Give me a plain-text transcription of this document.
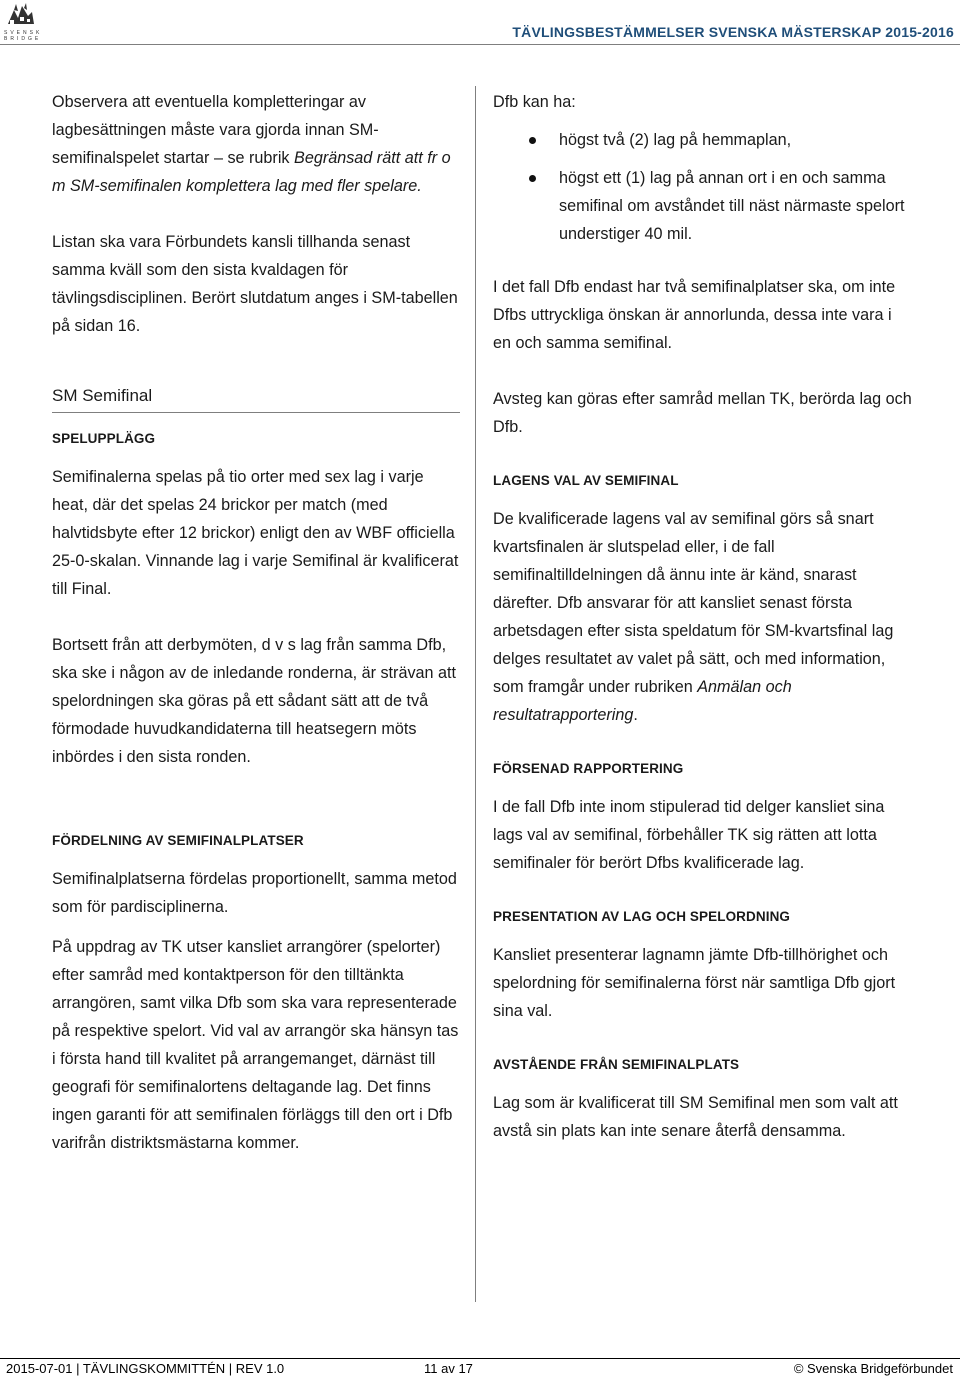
SVENSK
BRIDGE	TÄVLINGSBESTÄMMELSER SVENSKA MÄSTERSKAP 2015-2016

Observera att eventuella kompletteringar av lagbesättningen måste vara gjorda innan SM-semifinalspelet startar – se rubrik Begränsad rätt att fr o m SM-semifinalen komplettera lag med fler spelare.

Listan ska vara Förbundets kansli tillhanda senast samma kväll som den sista kvaldagen för tävlingsdisciplinen. Berört slutdatum anges i SM-tabellen på sidan 16.

SM Semifinal
SPELUPPLÄGG

Semifinalerna spelas på tio orter med sex lag i varje heat, där det spelas 24 brickor per match (med halvtidsbyte efter 12 brickor) enligt den av WBF officiella 25-0-skalan. Vinnande lag i varje Semifinal är kvalificerat till Final.

Bortsett från att derbymöten, d v s lag från samma Dfb, ska ske i någon av de inledande ronderna, är strävan att spelordningen ska göras på ett sådant sätt att de två förmodade huvudkandidaterna till heatsegern möts inbördes i den sista ronden.

FÖRDELNING AV SEMIFINALPLATSER

Semifinalplatserna fördelas proportionellt, samma metod som för pardisciplinerna.

På uppdrag av TK utser kansliet arrangörer (spelorter) efter samråd med kontaktperson för den tilltänkta arrangören, samt vilka Dfb som ska vara representerade på respektive spelort. Vid val av arrangör ska hänsyn tas i första hand till kvalitet på arrangemanget, därnäst till geografi för semifinalortens deltagande lag. Det finns ingen garanti för att semifinalen förläggs till den ort i Dfb varifrån distriktsmästarna kommer.

Dfb kan ha:

högst två (2) lag på hemmaplan,
högst ett (1) lag på annan ort i en och samma semifinal om avståndet till näst närmaste spelort understiger 40 mil.

I det fall Dfb endast har två semifinalplatser ska, om inte Dfbs uttryckliga önskan är annorlunda, dessa inte vara i en och samma semifinal.

Avsteg kan göras efter samråd mellan TK, berörda lag och Dfb.

LAGENS VAL AV SEMIFINAL

De kvalificerade lagens val av semifinal görs så snart kvartsfinalen är slutspelad eller, i de fall semifinaltilldelningen då ännu inte är känd, snarast därefter. Dfb ansvarar för att kansliet senast första arbetsdagen efter sista speldatum för SM-kvartsfinal lag delges resultatet av valet på sätt, och med information, som framgår under rubriken Anmälan och resultatrapportering.

FÖRSENAD RAPPORTERING

I de fall Dfb inte inom stipulerad tid delger kansliet sina lags val av semifinal, förbehåller TK sig rätten att lotta semifinaler för berört Dfbs kvalificerade lag.

PRESENTATION AV LAG OCH SPELORDNING

Kansliet presenterar lagnamn jämte Dfb-tillhörighet och spelordning för semifinalerna först när samtliga Dfb gjort sina val.

AVSTÅENDE FRÅN SEMIFINALPLATS

Lag som är kvalificerat till SM Semifinal men som valt att avstå sin plats kan inte senare återfå densamma.

2015-07-01 | TÄVLINGSKOMMITTÉN | REV 1.0	11 av 17	© Svenska Bridgeförbundet
